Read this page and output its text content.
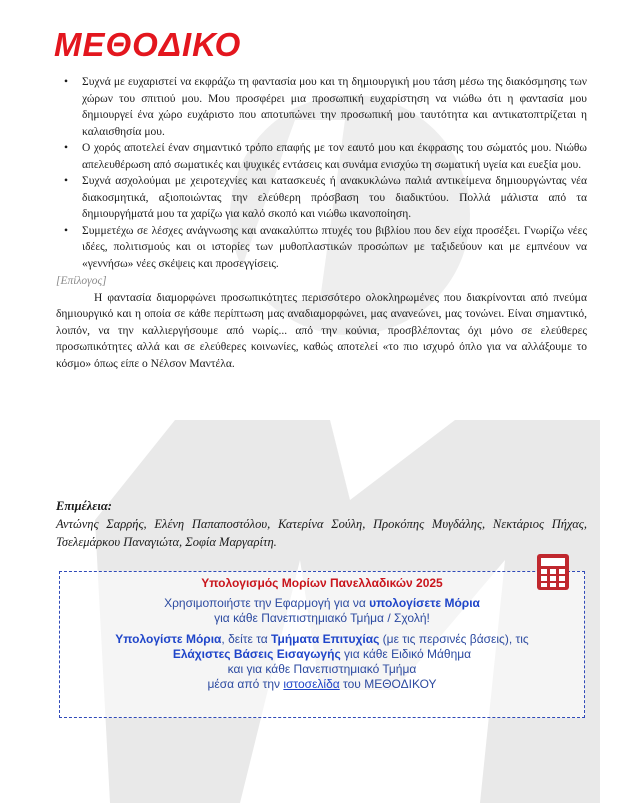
ΜΕΘΟΔΙΚΟ
• Συχνά με ευχαριστεί να εκφράζω τη φαντασία μου και τη δημιουργική μου τάση μέσω της διακόσμησης των χώρων του σπιτιού μου. Μου προσφέρει μια προσωπική ευχαρίστηση να νιώθω ότι η φαντασία μου δημιουργεί ένα χώρο ευχάριστο που αποτυπώνει την προσωπική μου ταυτότητα και αντικατοπτρίζεται η καλαισθησία μου.
• Ο χορός αποτελεί έναν σημαντικό τρόπο επαφής με τον εαυτό μου και έκφρασης του σώματός μου. Νιώθω απελευθέρωση από σωματικές και ψυχικές εντάσεις και συνάμα ενισχύω τη σωματική υγεία και ευεξία μου.
• Συχνά ασχολούμαι με χειροτεχνίες και κατασκευές ή ανακυκλώνω παλιά αντικείμενα δημιουργώντας νέα διακοσμητικά, αξιοποιώντας την ελεύθερη πρόσβαση του διαδικτύου. Πολλά μάλιστα από τα δημιουργήματά μου τα χαρίζω για καλό σκοπό και νιώθω ικανοποίηση.
• Συμμετέχω σε λέσχες ανάγνωσης και ανακαλύπτω πτυχές του βιβλίου που δεν είχα προσέξει. Γνωρίζω νέες ιδέες, πολιτισμούς και οι ιστορίες των μυθοπλαστικών προσώπων με ταξιδεύουν και με εμπνέουν να «γεννήσω» νέες σκέψεις και προσεγγίσεις.
[Επίλογος]

Η φαντασία διαμορφώνει προσωπικότητες περισσότερο ολοκληρωμένες που διακρίνονται από πνεύμα δημιουργικό και η οποία σε κάθε περίπτωση μας αναδιαμορφώνει, μας ανανεώνει, μας τονώνει. Είναι σημαντικό, λοιπόν, να την καλλιεργήσουμε από νωρίς... από την κούνια, προσβλέποντας όχι μόνο σε ελεύθερες προσωπικότητες αλλά και σε ελεύθερες κοινωνίες, καθώς αποτελεί «το πιο ισχυρό όπλο για να αλλάξουμε το κόσμο» όπως είπε ο Νέλσον Μαντέλα.

Επιμέλεια:
Αντώνης Σαρρής, Ελένη Παπαποστόλου, Κατερίνα Σούλη, Προκόπης Μυγδάλης, Νεκτάριος Πήχας, Τσελεμάρκου Παναγιώτα, Σοφία Μαργαρίτη.
Υπολογισμός Μορίων Πανελλαδικών 2025
Χρησιμοποιήστε την Εφαρμογή για να υπολογίσετε Μόρια
για κάθε Πανεπιστημιακό Τμήμα / Σχολή!
Υπολογίστε Μόρια, δείτε τα Τμήματα Επιτυχίας (με τις περσινές βάσεις), τις
Ελάχιστες Βάσεις Εισαγωγής για κάθε Ειδικό Μάθημα
και για κάθε Πανεπιστημιακό Τμήμα
μέσα από την ιστοσελίδα του ΜΕΘΟΔΙΚΟΥ
